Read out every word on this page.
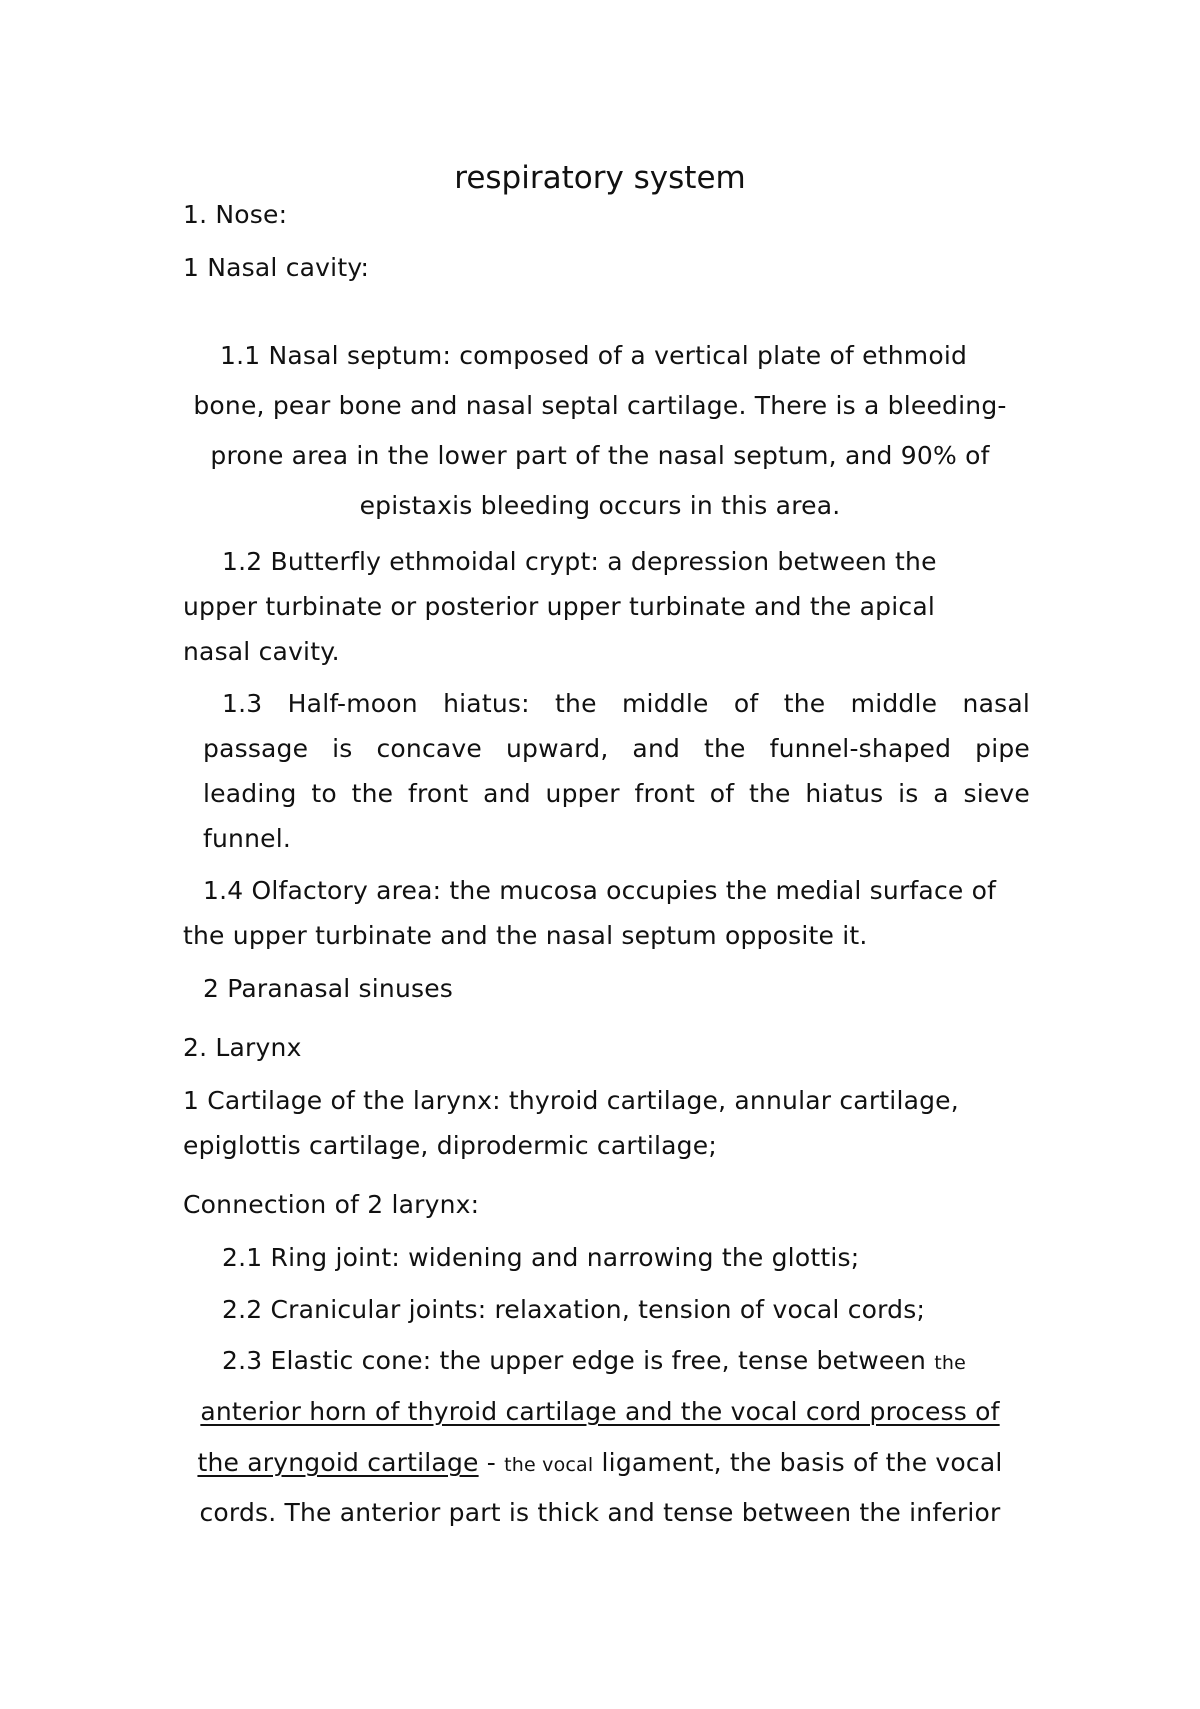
respiratory system
1. Nose:
1 Nasal cavity:
1.1 Nasal septum: composed of a vertical plate of ethmoid
bone, pear bone and nasal septal cartilage. There is a bleeding-
prone area in the lower part of the nasal septum, and 90% of
epistaxis bleeding occurs in this area.
1.2 Butterfly ethmoidal crypt: a depression between the
upper turbinate or posterior upper turbinate and the apical
nasal cavity.
1.3 Half-moon hiatus: the middle of the middle nasal
passage is concave upward, and the funnel-shaped pipe
leading to the front and upper front of the hiatus is a sieve
funnel.
1.4 Olfactory area: the mucosa occupies the medial surface of
the upper turbinate and the nasal septum opposite it.
2 Paranasal sinuses
2. Larynx
1 Cartilage of the larynx: thyroid cartilage, annular cartilage,
epiglottis cartilage, diprodermic cartilage;
Connection of 2 larynx:
2.1 Ring joint: widening and narrowing the glottis;
2.2 Cranicular joints: relaxation, tension of vocal cords;
2.3 Elastic cone: the upper edge is free, tense between the
anterior horn of thyroid cartilage and the vocal cord process of
the aryngoid cartilage - the vocal ligament, the basis of the vocal
cords. The anterior part is thick and tense between the inferior
